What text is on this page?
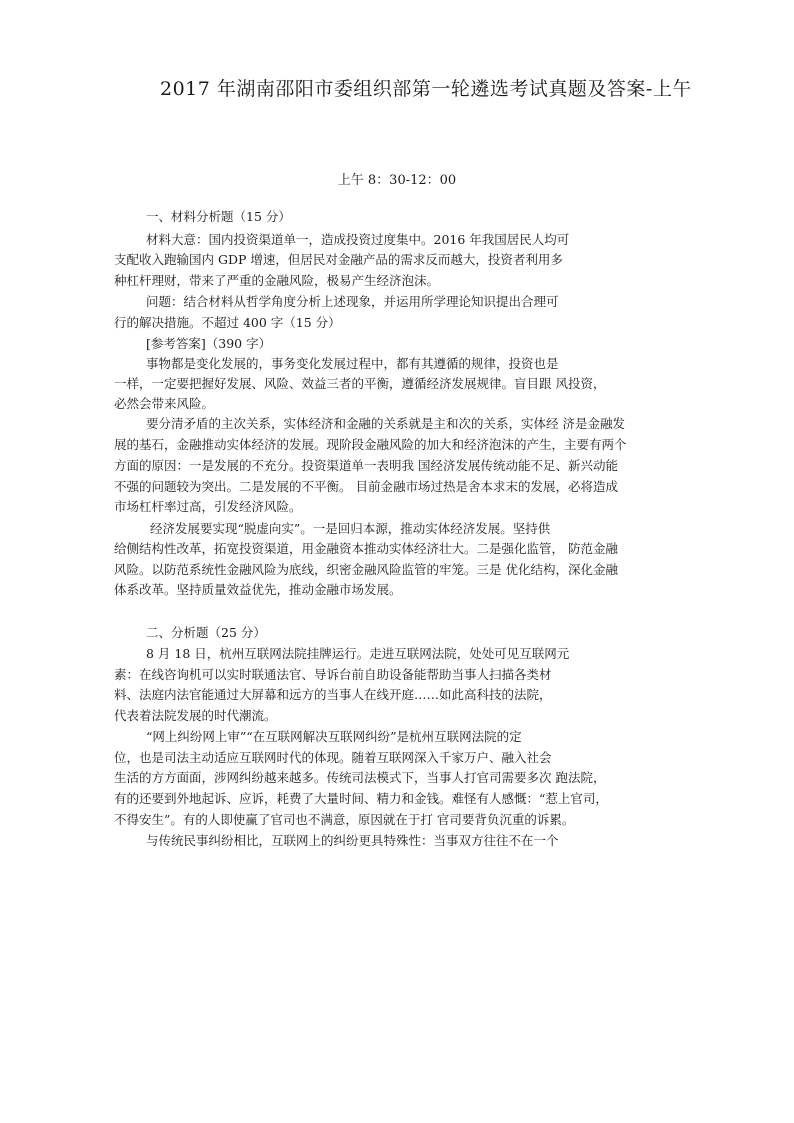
2017 年湖南邵阳市委组织部第一轮遴选考试真题及答案-上午
上午 8：30-12：00
一、材料分析题（15 分）
材料大意：国内投资渠道单一，造成投资过度集中。2016 年我国居民人均可
支配收入跑输国内 GDP 增速，但居民对金融产品的需求反而越大，投资者利用多
种杠杆理财，带来了严重的金融风险，极易产生经济泡沫。
问题：结合材料从哲学角度分析上述现象，并运用所学理论知识提出合理可
行的解决措施。不超过 400 字（15 分）
[参考答案]（390 字）
事物都是变化发展的，事务变化发展过程中，都有其遵循的规律，投资也是
一样，一定要把握好发展、风险、效益三者的平衡，遵循经济发展规律。盲目跟 风投资，
必然会带来风险。
要分清矛盾的主次关系，实体经济和金融的关系就是主和次的关系，实体经 济是金融发
展的基石，金融推动实体经济的发展。现阶段金融风险的加大和经济泡沫的产生，主要有两个
方面的原因：一是发展的不充分。投资渠道单一表明我 国经济发展传统动能不足、新兴动能
不强的问题较为突出。二是发展的不平衡。 目前金融市场过热是舍本求末的发展，必将造成
市场杠杆率过高，引发经济风险。
经济发展要实现“脱虚向实”。一是回归本源，推动实体经济发展。坚持供
给侧结构性改革，拓宽投资渠道，用金融资本推动实体经济壮大。二是强化监管， 防范金融
风险。以防范系统性金融风险为底线，织密金融风险监管的牢笼。三是 优化结构，深化金融
体系改革。坚持质量效益优先，推动金融市场发展。
二、分析题（25 分）
8 月 18 日，杭州互联网法院挂牌运行。走进互联网法院，处处可见互联网元
素：在线咨询机可以实时联通法官、导诉台前自助设备能帮助当事人扫描各类材
料、法庭内法官能通过大屏幕和远方的当事人在线开庭……如此高科技的法院，
代表着法院发展的时代潮流。
“网上纠纷网上审”“在互联网解决互联网纠纷”是杭州互联网法院的定
位，也是司法主动适应互联网时代的体现。随着互联网深入千家万户、融入社会
生活的方方面面，涉网纠纷越来越多。传统司法模式下，当事人打官司需要多次 跑法院，
有的还要到外地起诉、应诉，耗费了大量时间、精力和金钱。难怪有人感慨：“惹上官司，
不得安生”。有的人即使赢了官司也不满意，原因就在于打 官司要背负沉重的诉累。
与传统民事纠纷相比，互联网上的纠纷更具特殊性：当事双方往往不在一个
